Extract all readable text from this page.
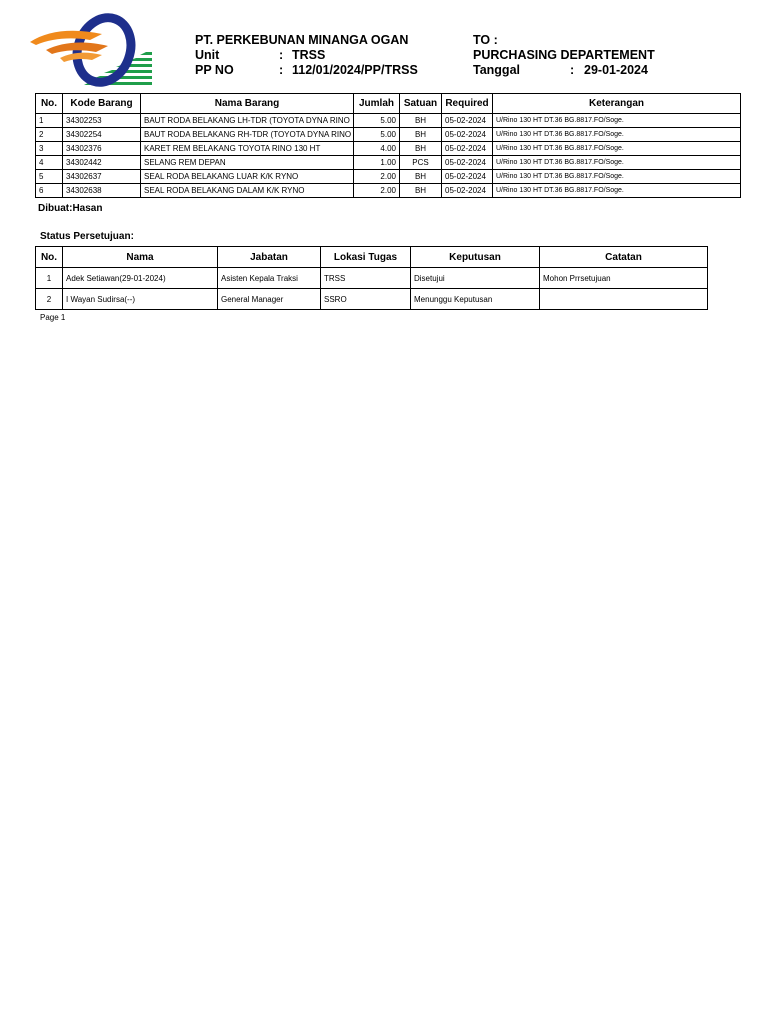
PT. PERKEBUNAN MINANGA OGAN
Unit	: TRSS
PP NO	: 112/01/2024/PP/TRSS
TO :
PURCHASING DEPARTEMENT
Tanggal	: 29-01-2024
No.	Kode Barang	Nama Barang	Jumlah	Satuan	Required	Keterangan
1	34302253	BAUT RODA BELAKANG LH-TDR (TOYOTA DYNA RINO	5.00	BH	05-02-2024	U/Rino 130 HT DT.36 BG.8817.FO/Soge.
2	34302254	BAUT RODA BELAKANG RH-TDR (TOYOTA DYNA RINO	5.00	BH	05-02-2024	U/Rino 130 HT DT.36 BG.8817.FO/Soge.
3	34302376	KARET REM BELAKANG TOYOTA RINO 130 HT	4.00	BH	05-02-2024	U/Rino 130 HT DT.36 BG.8817.FO/Soge.
4	34302442	SELANG REM DEPAN	1.00	PCS	05-02-2024	U/Rino 130 HT DT.36 BG.8817.FO/Soge.
5	34302637	SEAL RODA BELAKANG LUAR K/K RYNO	2.00	BH	05-02-2024	U/Rino 130 HT DT.36 BG.8817.FO/Soge.
6	34302638	SEAL RODA BELAKANG DALAM K/K RYNO	2.00	BH	05-02-2024	U/Rino 130 HT DT.36 BG.8817.FO/Soge.
Dibuat:Hasan
Status Persetujuan:
No.	Nama	Jabatan	Lokasi Tugas	Keputusan	Catatan
1	Adek Setiawan(29-01-2024)	Asisten Kepala Traksi	TRSS	Disetujui	Mohon Prrsetujuan
2	I Wayan Sudirsa(--)	General Manager	SSRO	Menunggu Keputusan	
Page 1
